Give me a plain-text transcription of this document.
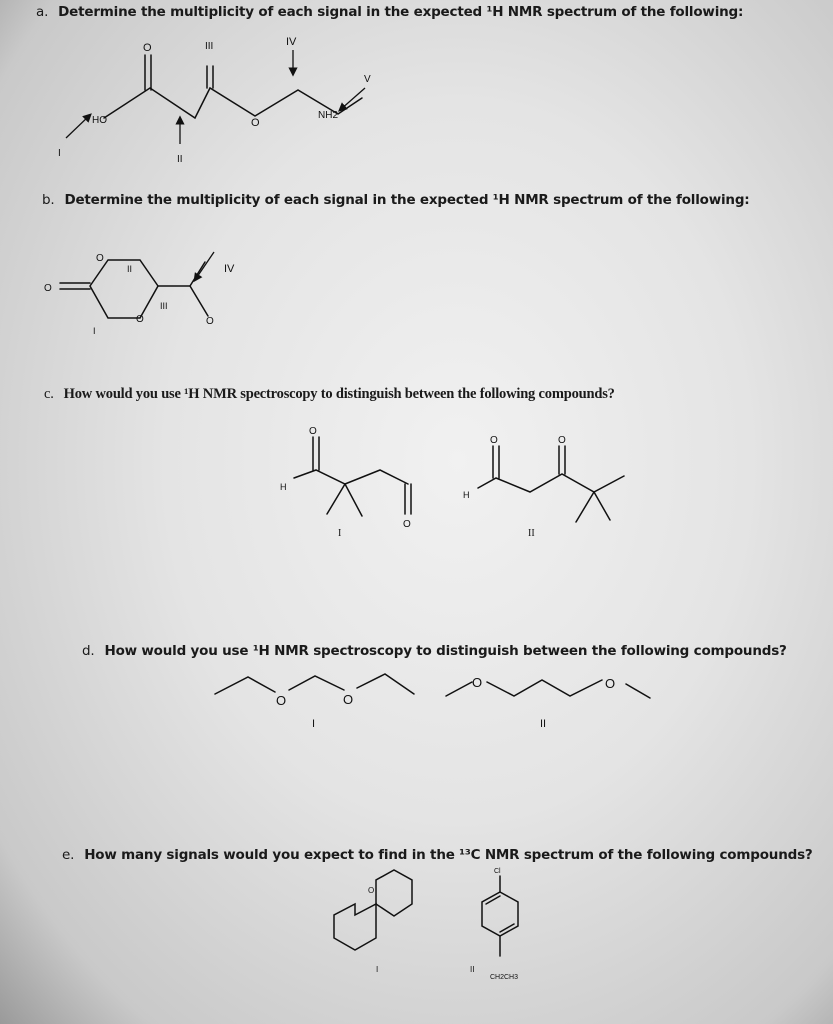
a. Determine the multiplicity of each signal in the expected ¹H NMR spectrum of the following:
b. Determine the multiplicity of each signal in the expected ¹H NMR spectrum of the following:
c. How would you use ¹H NMR spectroscopy to distinguish between the following compounds?
d. How would you use ¹H NMR spectroscopy to distinguish between the following compounds?
e. How many signals would you expect to find in the ¹³C NMR spectrum of the following compounds?
O
HO	O
NH2
I
II
III	IV
V
O
O
O	O
I
II
III
IV
O
H
O
O
H
O
I	II
O	O
O	O
I	II
O
Cl
CH2CH3
I	II
